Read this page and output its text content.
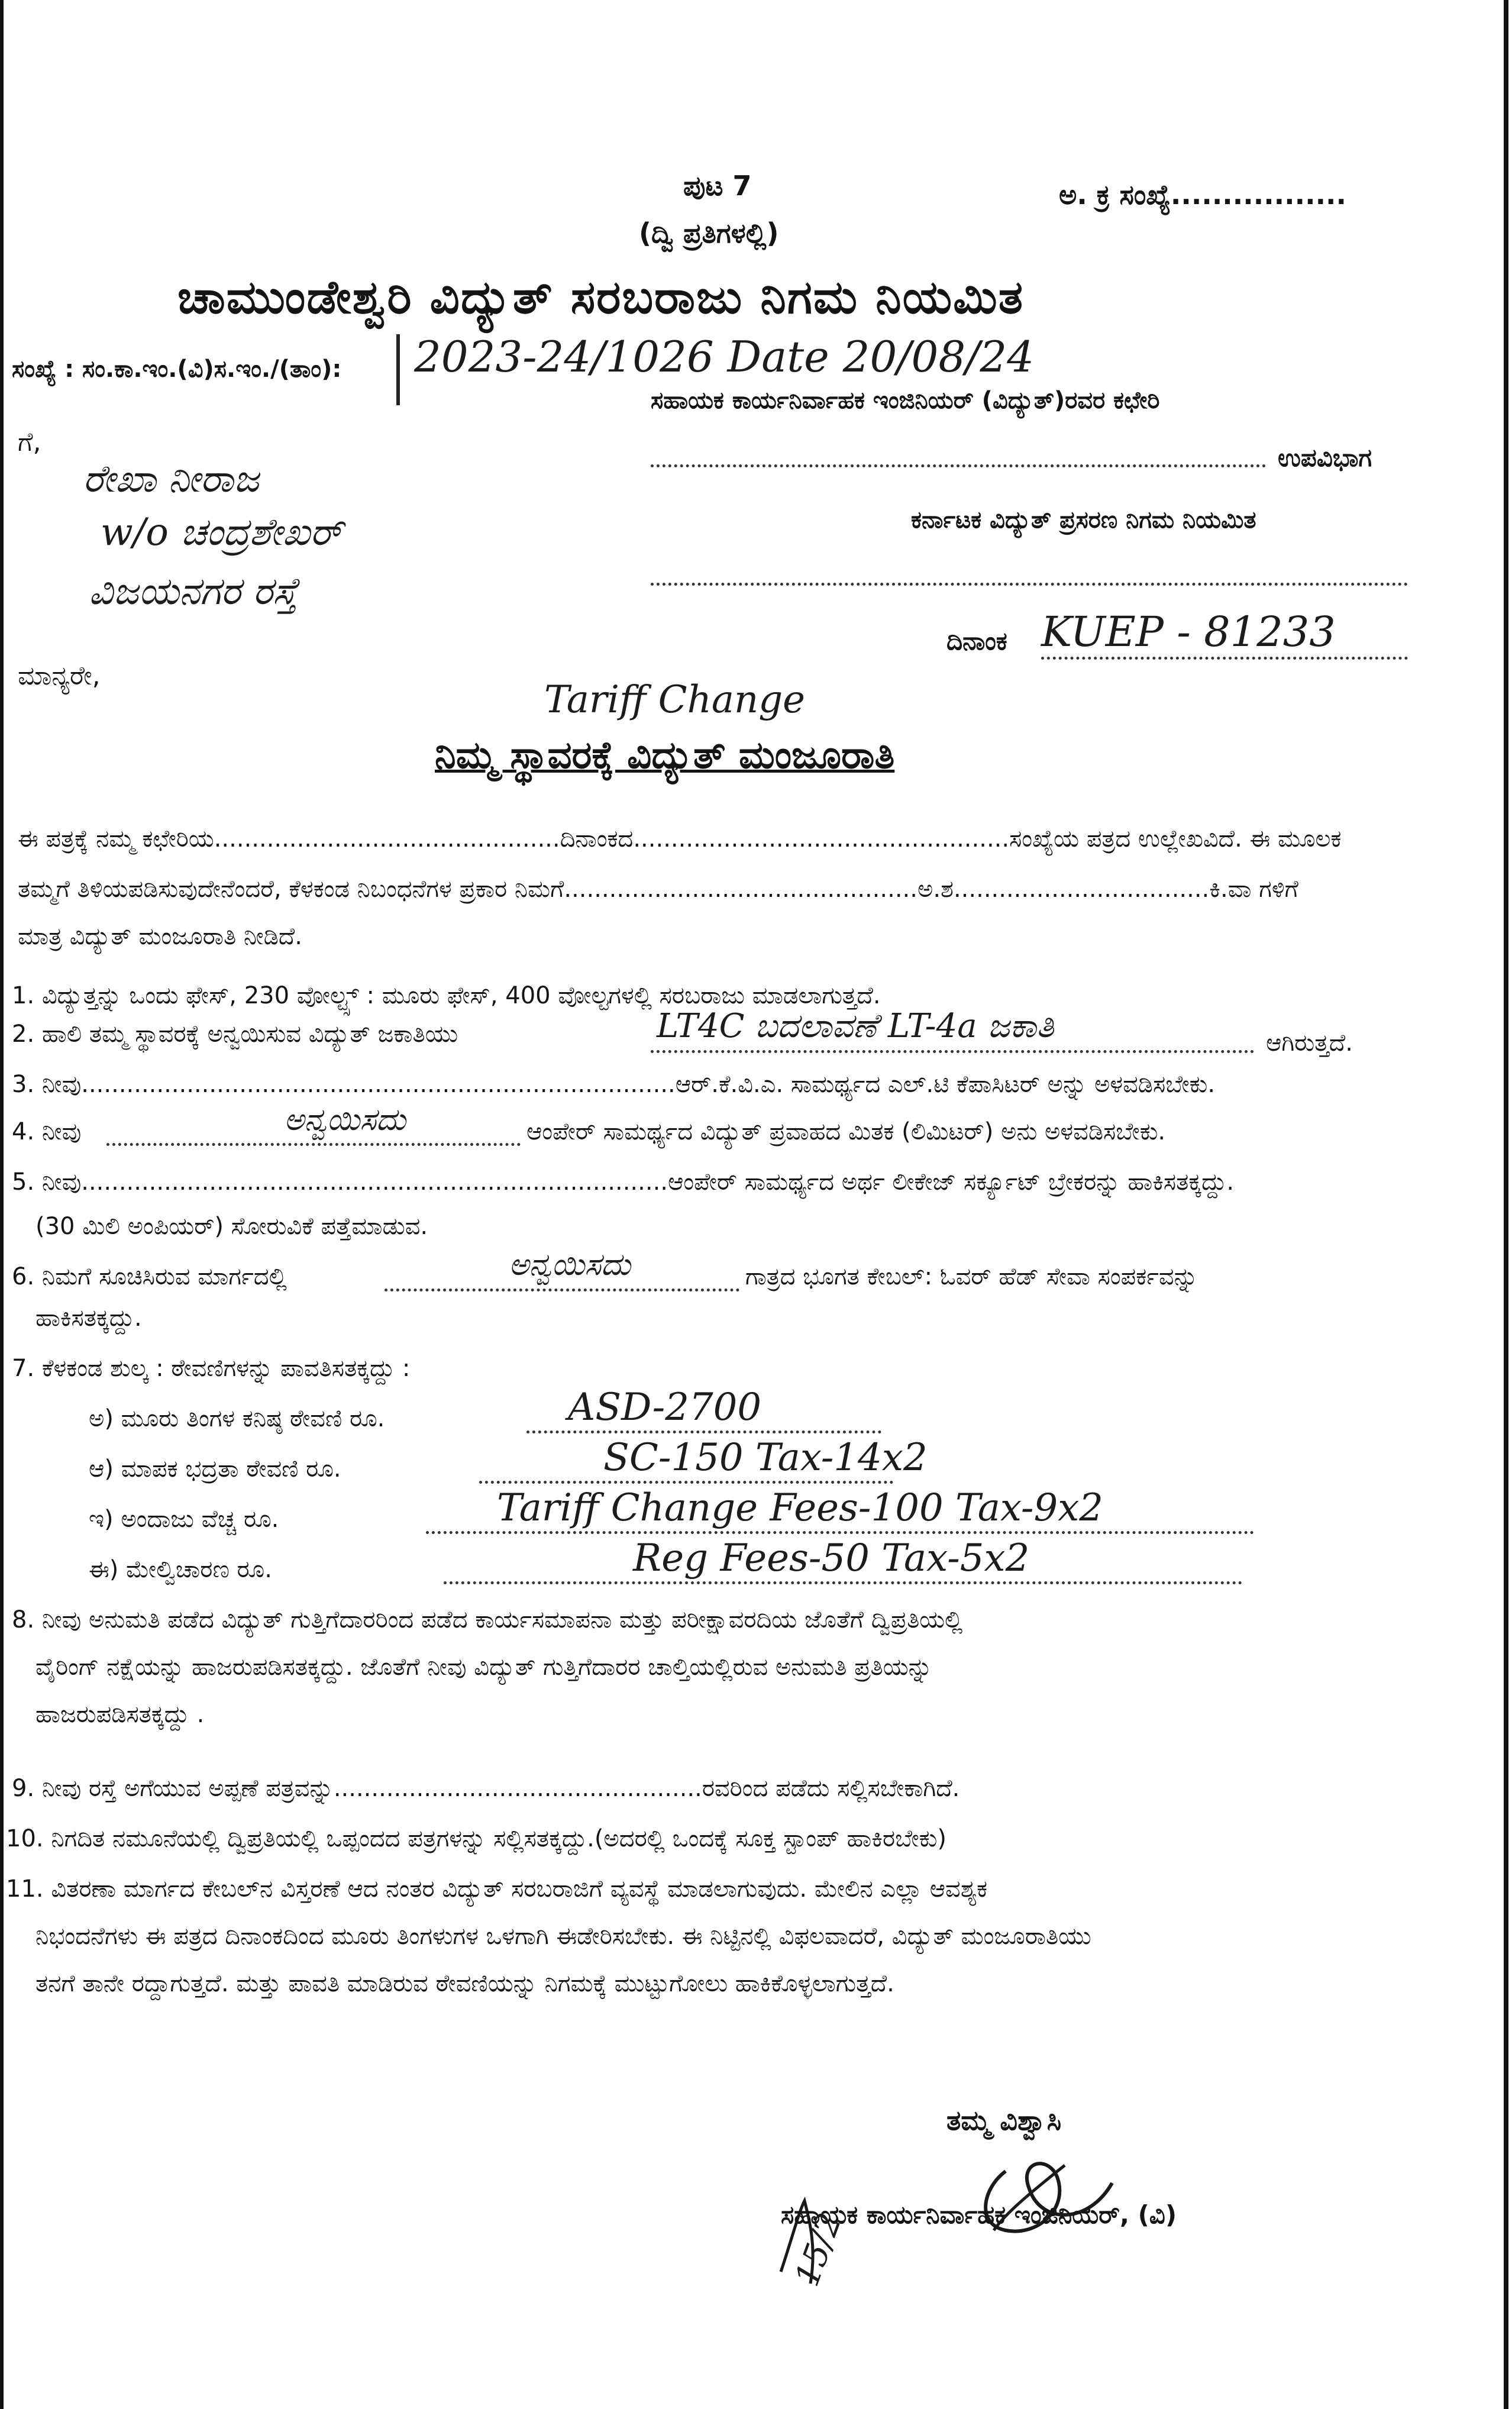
ಪುಟ 7	ಅ. ಕ್ರ ಸಂಖ್ಯೆ.................
(ದ್ವಿ ಪ್ರತಿಗಳಲ್ಲಿ)
ಚಾಮುಂಡೇಶ್ವರಿ ವಿದ್ಯುತ್ ಸರಬರಾಜು ನಿಗಮ ನಿಯಮಿತ
ಸಂಖ್ಯೆ : ಸಂ.ಕಾ.ಇಂ.(ವಿ)ಸ.ಇಂ./(ತಾಂ): 2023-24/1026 Date 20/08/24
ಸಹಾಯಕ ಕಾರ್ಯನಿರ್ವಾಹಕ ಇಂಜಿನಿಯರ್ (ವಿದ್ಯುತ್)ರವರ ಕಛೇರಿ
ಗೆ,
ರೇಖಾ ನೀರಾಜ
w/o ಚಂದ್ರಶೇಖರ್
ವಿಜಯನಗರ ರಸ್ತೆ
ಉಪವಿಭಾಗ
ಕರ್ನಾಟಕ ವಿದ್ಯುತ್ ಪ್ರಸರಣ ನಿಗಮ ನಿಯಮಿತ
ದಿನಾಂಕ KUEP - 81233
ಮಾನ್ಯರೇ,
Tariff Change
ನಿಮ್ಮ ಸ್ಥಾವರಕ್ಕೆ ವಿದ್ಯುತ್ ಮಂಜೂರಾತಿ
ಈ ಪತ್ರಕ್ಕೆ ನಮ್ಮ ಕಛೇರಿಯ..............................................ದಿನಾಂಕದ..................................................ಸಂಖ್ಯೆಯ ಪತ್ರದ ಉಲ್ಲೇಖವಿದೆ. ಈ ಮೂಲಕ
ತಮ್ಮಗೆ ತಿಳಿಯಪಡಿಸುವುದೇನೆಂದರೆ, ಕೆಳಕಂಡ ನಿಬಂಧನೆಗಳ ಪ್ರಕಾರ ನಿಮಗೆ...............................................ಅ.ಶ..................................ಕಿ.ವಾ ಗಳಿಗೆ
ಮಾತ್ರ ವಿದ್ಯುತ್ ಮಂಜೂರಾತಿ ನೀಡಿದೆ.
1. ವಿದ್ಯುತ್ತನ್ನು ಒಂದು ಫೇಸ್, 230 ವೋಲ್ಟ್ಸ್ : ಮೂರು ಫೇಸ್, 400 ವೋಲ್ಟಗಳಲ್ಲಿ ಸರಬರಾಜು ಮಾಡಲಾಗುತ್ತದೆ.
2. ಹಾಲಿ ತಮ್ಮ ಸ್ಥಾವರಕ್ಕೆ ಅನ್ವಯಿಸುವ ವಿದ್ಯುತ್ ಜಕಾತಿಯು	LT4C ಬದಲಾವಣೆ LT-4a ಜಕಾತಿ	ಆಗಿರುತ್ತದೆ.
3. ನೀವು...............................................................................ಆರ್.ಕೆ.ವಿ.ಎ. ಸಾಮರ್ಥ್ಯದ ಎಲ್.ಟಿ ಕೆಪಾಸಿಟರ್ ಅನ್ನು ಅಳವಡಿಸಬೇಕು.
4. ನೀವು	ಅನ್ವಯಿಸದು	ಆಂಪೇರ್ ಸಾಮರ್ಥ್ಯದ ವಿದ್ಯುತ್ ಪ್ರವಾಹದ ಮಿತಕ (ಲಿಮಿಟರ್) ಅನು ಅಳವಡಿಸಬೇಕು.
5. ನೀವು..............................................................................ಆಂಪೇರ್ ಸಾಮರ್ಥ್ಯದ ಅರ್ಥ ಲೀಕೇಜ್ ಸರ್ಕ್ಯೂಟ್ ಬ್ರೇಕರನ್ನು ಹಾಕಿಸತಕ್ಕದ್ದು.
(30 ಮಿಲಿ ಅಂಪಿಯರ್) ಸೋರುವಿಕೆ ಪತ್ತೆಮಾಡುವ.
6. ನಿಮಗೆ ಸೂಚಿಸಿರುವ ಮಾರ್ಗದಲ್ಲಿ	ಅನ್ವಯಿಸದು	ಗಾತ್ರದ ಭೂಗತ ಕೇಬಲ್: ಓವರ್ ಹೆಡ್ ಸೇವಾ ಸಂಪರ್ಕವನ್ನು
ಹಾಕಿಸತಕ್ಕದ್ದು.
7. ಕೆಳಕಂಡ ಶುಲ್ಕ : ಠೇವಣಿಗಳನ್ನು ಪಾವತಿಸತಕ್ಕದ್ದು :
ಅ) ಮೂರು ತಿಂಗಳ ಕನಿಷ್ಠ ಠೇವಣಿ ರೂ.	ASD-2700
ಆ) ಮಾಪಕ ಭದ್ರತಾ ಠೇವಣಿ ರೂ.	SC-150 Tax-14x2
ಇ) ಅಂದಾಜು ವೆಚ್ಚ ರೂ.	Tariff Change Fees-100 Tax-9x2
ಈ) ಮೇಲ್ವಿಚಾರಣ ರೂ.	Reg Fees-50 Tax-5x2
8. ನೀವು ಅನುಮತಿ ಪಡೆದ ವಿದ್ಯುತ್ ಗುತ್ತಿಗೆದಾರರಿಂದ ಪಡೆದ ಕಾರ್ಯಸಮಾಪನಾ ಮತ್ತು ಪರೀಕ್ಷಾವರದಿಯ ಜೊತೆಗೆ ದ್ವಿಪ್ರತಿಯಲ್ಲಿ
ವೈರಿಂಗ್ ನಕ್ಷೆಯನ್ನು ಹಾಜರುಪಡಿಸತಕ್ಕದ್ದು. ಜೊತೆಗೆ ನೀವು ವಿದ್ಯುತ್ ಗುತ್ತಿಗೆದಾರರ ಚಾಲ್ತಿಯಲ್ಲಿರುವ ಅನುಮತಿ ಪ್ರತಿಯನ್ನು
ಹಾಜರುಪಡಿಸತಕ್ಕದ್ದು .
9. ನೀವು ರಸ್ತೆ ಅಗೆಯುವ ಅಪ್ಪಣೆ ಪತ್ರವನ್ನು.................................................ರವರಿಂದ ಪಡೆದು ಸಲ್ಲಿಸಬೇಕಾಗಿದೆ.
10. ನಿಗದಿತ ನಮೂನೆಯಲ್ಲಿ ದ್ವಿಪ್ರತಿಯಲ್ಲಿ ಒಪ್ಪಂದದ ಪತ್ರಗಳನ್ನು ಸಲ್ಲಿಸತಕ್ಕದ್ದು.(ಅದರಲ್ಲಿ ಒಂದಕ್ಕೆ ಸೂಕ್ತ ಸ್ಟಾಂಪ್ ಹಾಕಿರಬೇಕು)
11. ವಿತರಣಾ ಮಾರ್ಗದ ಕೇಬಲ್‌ನ ವಿಸ್ತರಣೆ ಆದ ನಂತರ ವಿದ್ಯುತ್ ಸರಬರಾಜಿಗೆ ವ್ಯವಸ್ಥೆ ಮಾಡಲಾಗುವುದು. ಮೇಲಿನ ಎಲ್ಲಾ ಆವಶ್ಯಕ
ನಿಭಂದನೆಗಳು ಈ ಪತ್ರದ ದಿನಾಂಕದಿಂದ ಮೂರು ತಿಂಗಳುಗಳ ಒಳಗಾಗಿ ಈಡೇರಿಸಬೇಕು. ಈ ನಿಟ್ಟಿನಲ್ಲಿ ವಿಫಲವಾದರೆ, ವಿದ್ಯುತ್ ಮಂಜೂರಾತಿಯು
ತನಗೆ ತಾನೇ ರದ್ದಾಗುತ್ತದೆ. ಮತ್ತು ಪಾವತಿ ಮಾಡಿರುವ ಠೇವಣಿಯನ್ನು ನಿಗಮಕ್ಕೆ ಮುಟ್ಟುಗೋಲು ಹಾಕಿಕೊಳ್ಳಲಾಗುತ್ತದೆ.
ತಮ್ಮ ವಿಶ್ವಾಸಿ
ಸಹಾಯಕ ಕಾರ್ಯನಿರ್ವಾಹಕ ಇಂಜಿನಿಯರ್, (ವಿ)
15/2
